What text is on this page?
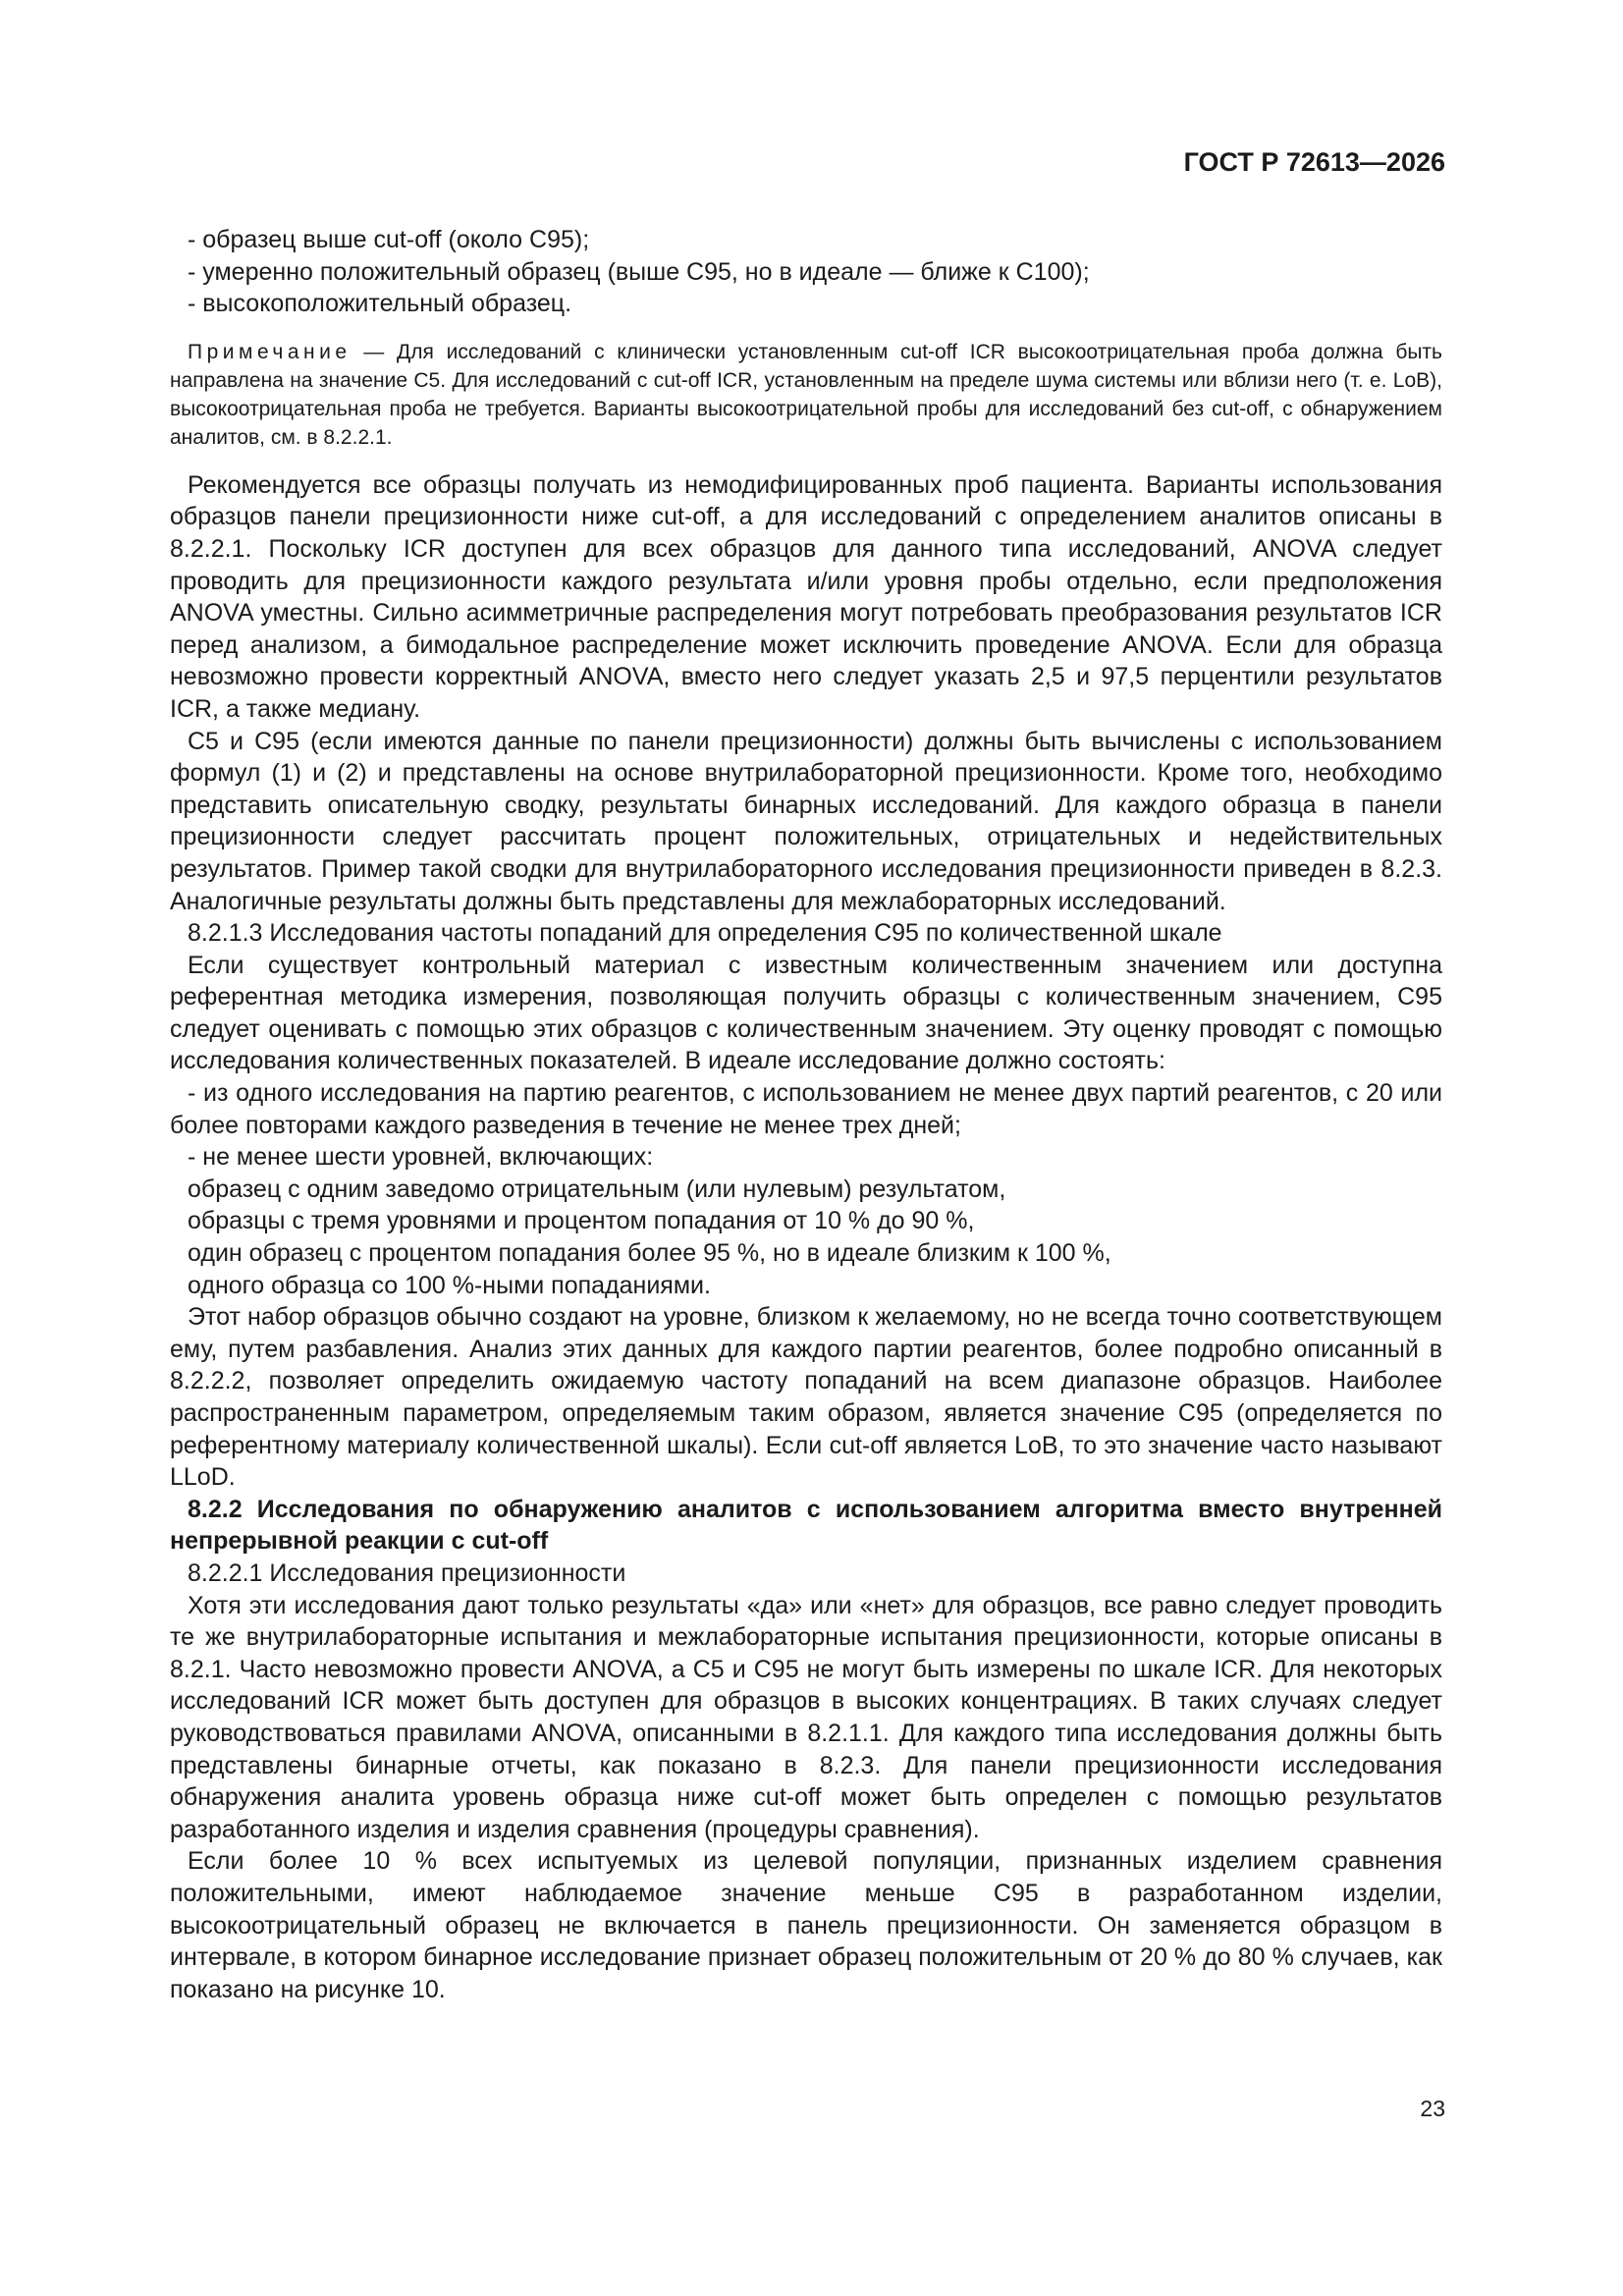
ГОСТ Р 72613—2026

- образец выше cut-off (около С95);

- умеренно положительный образец (выше С95, но в идеале — ближе к С100);

- высокоположительный образец.

Примечание — Для исследований с клинически установленным cut-off ICR высокоотрицательная проба должна быть направлена на значение С5. Для исследований с cut-off ICR, установленным на пределе шума системы или вблизи него (т. е. LoB), высокоотрицательная проба не требуется. Варианты высокоотрицательной пробы для исследований без cut-off, с обнаружением аналитов, см. в 8.2.2.1.

Рекомендуется все образцы получать из немодифицированных проб пациента. Варианты использования образцов панели прецизионности ниже cut-off, а для исследований с определением аналитов описаны в 8.2.2.1. Поскольку ICR доступен для всех образцов для данного типа исследований, ANOVA следует проводить для прецизионности каждого результата и/или уровня пробы отдельно, если предположения ANOVA уместны. Сильно асимметричные распределения могут потребовать преобразования результатов ICR перед анализом, а бимодальное распределение может исключить проведение ANOVA. Если для образца невозможно провести корректный ANOVA, вместо него следует указать 2,5 и 97,5 перцентили результатов ICR, а также медиану.

С5 и С95 (если имеются данные по панели прецизионности) должны быть вычислены с использованием формул (1) и (2) и представлены на основе внутрилабораторной прецизионности. Кроме того, необходимо представить описательную сводку, результаты бинарных исследований. Для каждого образца в панели прецизионности следует рассчитать процент положительных, отрицательных и недействительных результатов. Пример такой сводки для внутрилабораторного исследования прецизионности приведен в 8.2.3. Аналогичные результаты должны быть представлены для межлабораторных исследований.

8.2.1.3 Исследования частоты попаданий для определения С95 по количественной шкале

Если существует контрольный материал с известным количественным значением или доступна референтная методика измерения, позволяющая получить образцы с количественным значением, С95 следует оценивать с помощью этих образцов с количественным значением. Эту оценку проводят с помощью исследования количественных показателей. В идеале исследование должно состоять:

- из одного исследования на партию реагентов, с использованием не менее двух партий реагентов, с 20 или более повторами каждого разведения в течение не менее трех дней;

- не менее шести уровней, включающих:

образец с одним заведомо отрицательным (или нулевым) результатом,

образцы с тремя уровнями и процентом попадания от 10 % до 90 %,

один образец с процентом попадания более 95 %, но в идеале близким к 100 %,

одного образца со 100 %-ными попаданиями.

Этот набор образцов обычно создают на уровне, близком к желаемому, но не всегда точно соответствующем ему, путем разбавления. Анализ этих данных для каждого партии реагентов, более подробно описанный в 8.2.2.2, позволяет определить ожидаемую частоту попаданий на всем диапазоне образцов. Наиболее распространенным параметром, определяемым таким образом, является значение С95 (определяется по референтному материалу количественной шкалы). Если cut-off является LoB, то это значение часто называют LLoD.

8.2.2 Исследования по обнаружению аналитов с использованием алгоритма вместо внутренней непрерывной реакции с cut-off

8.2.2.1 Исследования прецизионности

Хотя эти исследования дают только результаты «да» или «нет» для образцов, все равно следует проводить те же внутрилабораторные испытания и межлабораторные испытания прецизионности, которые описаны в 8.2.1. Часто невозможно провести ANOVA, а С5 и С95 не могут быть измерены по шкале ICR. Для некоторых исследований ICR может быть доступен для образцов в высоких концентрациях. В таких случаях следует руководствоваться правилами ANOVA, описанными в 8.2.1.1. Для каждого типа исследования должны быть представлены бинарные отчеты, как показано в 8.2.3. Для панели прецизионности исследования обнаружения аналита уровень образца ниже cut-off может быть определен с помощью результатов разработанного изделия и изделия сравнения (процедуры сравнения).

Если более 10 % всех испытуемых из целевой популяции, признанных изделием сравнения положительными, имеют наблюдаемое значение меньше С95 в разработанном изделии, высокоотрицательный образец не включается в панель прецизионности. Он заменяется образцом в интервале, в котором бинарное исследование признает образец положительным от 20 % до 80 % случаев, как показано на рисунке 10.

23
